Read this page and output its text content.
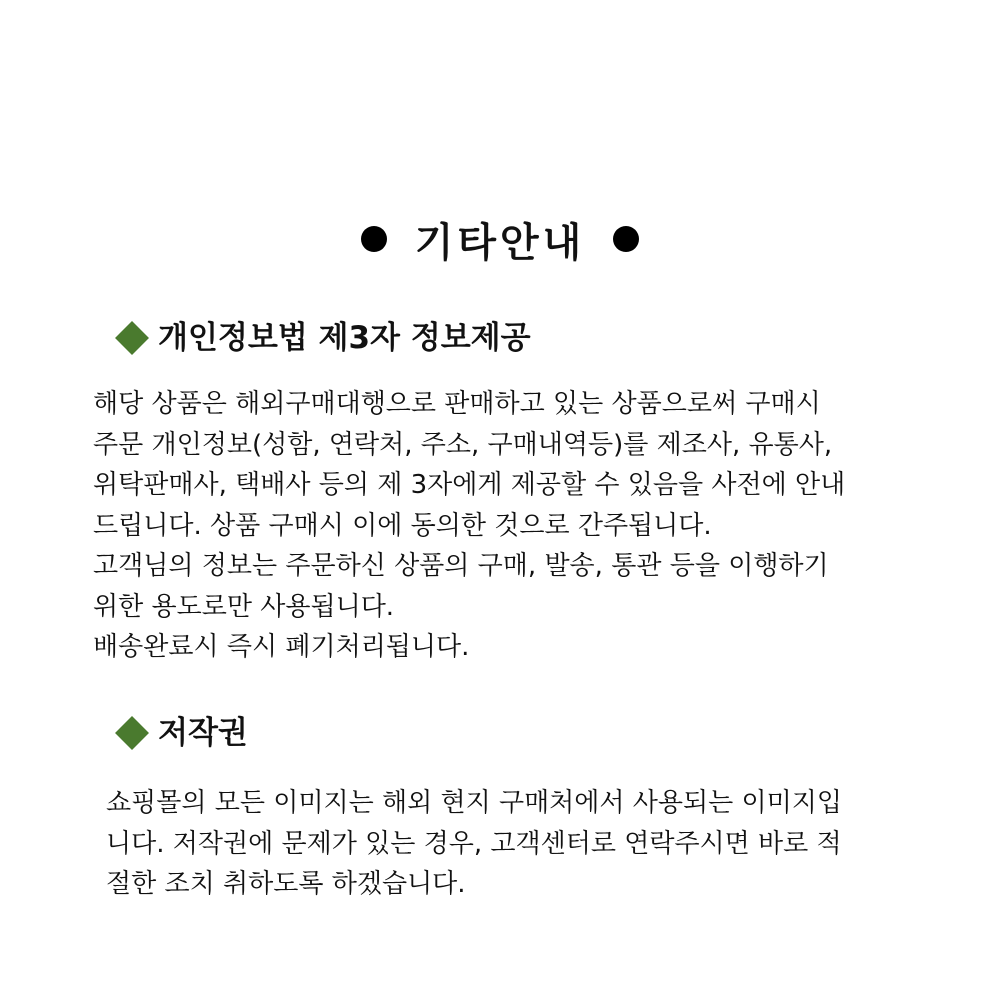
기타안내
개인정보법 제3자 정보제공
해당 상품은 해외구매대행으로 판매하고 있는 상품으로써 구매시
주문 개인정보(성함, 연락처, 주소, 구매내역등)를 제조사, 유통사,
위탁판매사, 택배사 등의 제 3자에게 제공할 수 있음을 사전에 안내
드립니다. 상품 구매시 이에 동의한 것으로 간주됩니다.
고객님의 정보는 주문하신 상품의 구매, 발송, 통관 등을 이행하기
위한 용도로만 사용됩니다.
배송완료시 즉시 폐기처리됩니다.
저작권
쇼핑몰의 모든 이미지는 해외 현지 구매처에서 사용되는 이미지입
니다. 저작권에 문제가 있는 경우, 고객센터로 연락주시면 바로 적
절한 조치 취하도록 하겠습니다.
